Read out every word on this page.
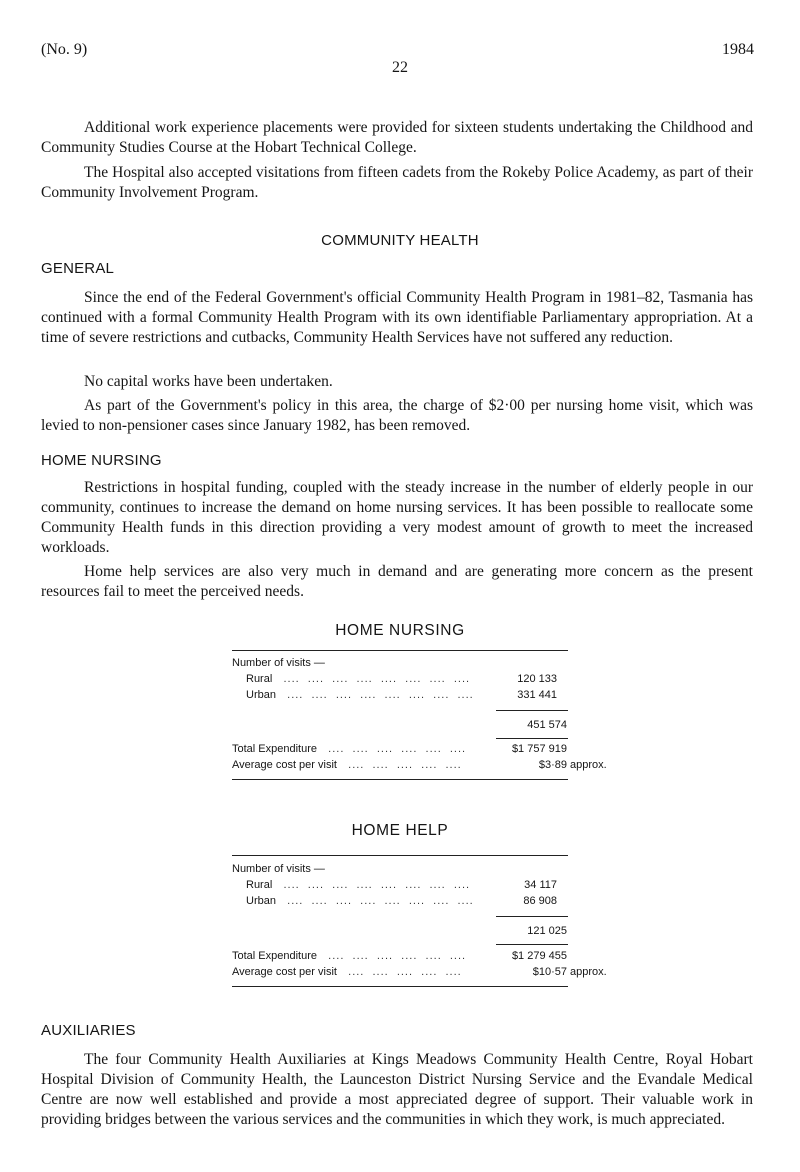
(No. 9)
22
1984
Additional work experience placements were provided for sixteen students undertaking the Childhood and Community Studies Course at the Hobart Technical College.
The Hospital also accepted visitations from fifteen cadets from the Rokeby Police Academy, as part of their Community Involvement Program.
COMMUNITY HEALTH
GENERAL
Since the end of the Federal Government's official Community Health Program in 1981–82, Tasmania has continued with a formal Community Health Program with its own identifiable Parliamentary appropriation. At a time of severe restrictions and cutbacks, Community Health Services have not suffered any reduction.
No capital works have been undertaken.
As part of the Government's policy in this area, the charge of $2·00 per nursing home visit, which was levied to non-pensioner cases since January 1982, has been removed.
HOME NURSING
Restrictions in hospital funding, coupled with the steady increase in the number of elderly people in our community, continues to increase the demand on home nursing services. It has been possible to reallocate some Community Health funds in this direction providing a very modest amount of growth to meet the increased workloads.
Home help services are also very much in demand and are generating more concern as the present resources fail to meet the perceived needs.
HOME NURSING
Number of visits —
Rural   ....  ....  ....  ....  ....  ....  ....  ....	120 133
Urban   ....  ....  ....  ....  ....  ....  ....  ....	331 441
451 574
Total Expenditure   ....  ....  ....  ....  ....  ....	$1 757 919
Average cost per visit   ....  ....  ....  ....  ....	$3·89 approx.
HOME HELP
Number of visits —
Rural   ....  ....  ....  ....  ....  ....  ....  ....	34 117
Urban   ....  ....  ....  ....  ....  ....  ....  ....	86 908
121 025
Total Expenditure   ....  ....  ....  ....  ....  ....	$1 279 455
Average cost per visit   ....  ....  ....  ....  ....	$10·57 approx.
AUXILIARIES
The four Community Health Auxiliaries at Kings Meadows Community Health Centre, Royal Hobart Hospital Division of Community Health, the Launceston District Nursing Service and the Evandale Medical Centre are now well established and provide a most appreciated degree of support. Their valuable work in providing bridges between the various services and the communities in which they work, is much appreciated.
